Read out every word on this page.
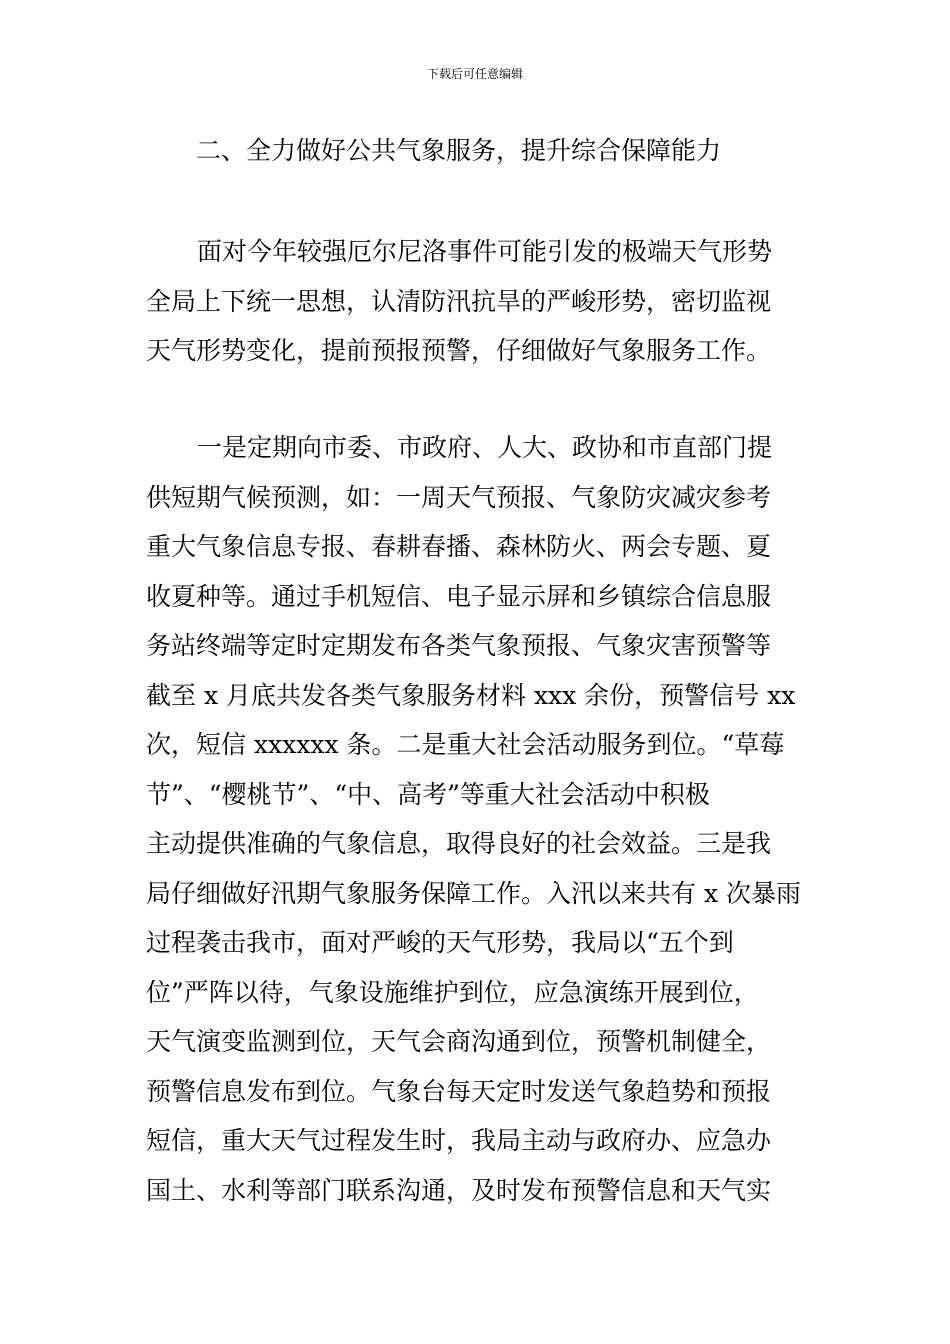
下载后可任意编辑
二、全力做好公共气象服务，提升综合保障能力
面对今年较强厄尔尼洛事件可能引发的极端天气形势
全局上下统一思想，认清防汛抗旱的严峻形势，密切监视
天气形势变化，提前预报预警，仔细做好气象服务工作。
一是定期向市委、市政府、人大、政协和市直部门提
供短期气候预测，如：一周天气预报、气象防灾减灾参考
重大气象信息专报、春耕春播、森林防火、两会专题、夏
收夏种等。通过手机短信、电子显示屏和乡镇综合信息服
务站终端等定时定期发布各类气象预报、气象灾害预警等
截至 x 月底共发各类气象服务材料 xxx 余份，预警信号 xx
次，短信 xxxxxx 条。二是重大社会活动服务到位。“草莓
节”、“樱桃节”、“中、高考”等重大社会活动中积极
主动提供准确的气象信息，取得良好的社会效益。三是我
局仔细做好汛期气象服务保障工作。入汛以来共有 x 次暴雨
过程袭击我市，面对严峻的天气形势，我局以“五个到
位”严阵以待，气象设施维护到位，应急演练开展到位，
天气演变监测到位，天气会商沟通到位，预警机制健全，
预警信息发布到位。气象台每天定时发送气象趋势和预报
短信，重大天气过程发生时，我局主动与政府办、应急办
国土、水利等部门联系沟通，及时发布预警信息和天气实
